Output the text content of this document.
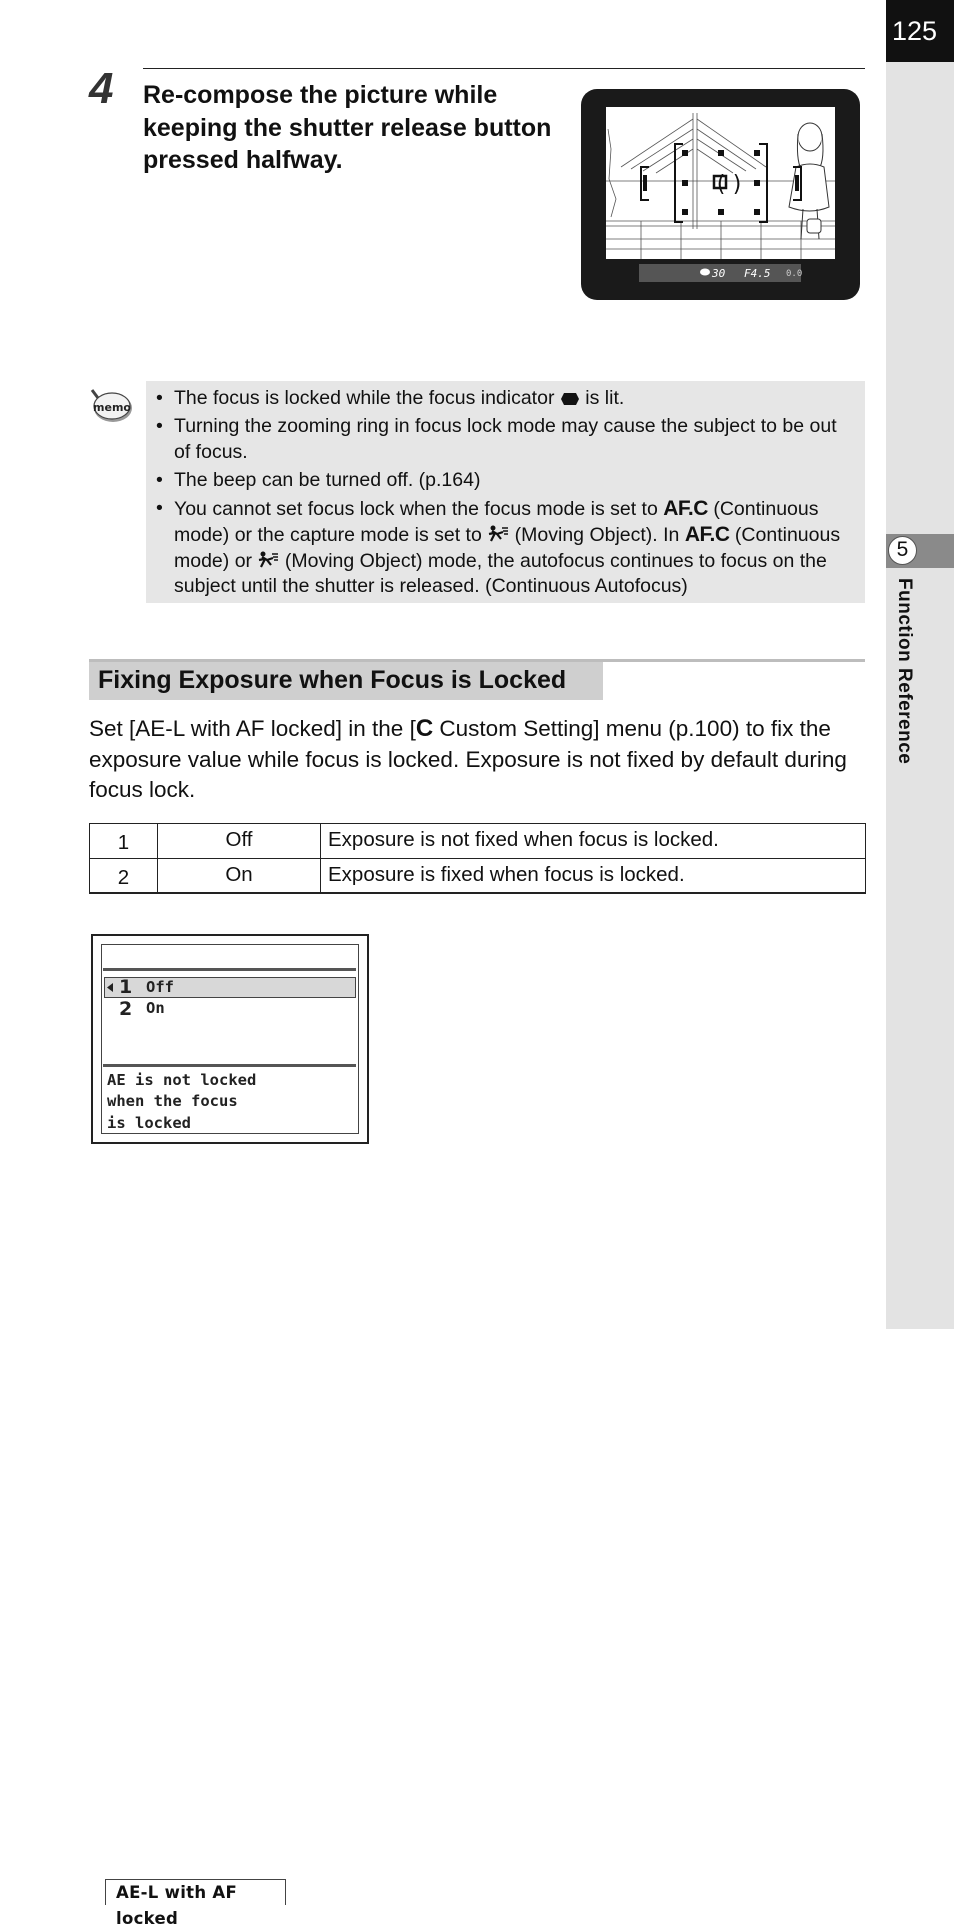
125
5
Function Reference
4 Re-compose the picture while keeping the shutter release button pressed halfway.
( )
30 F4.5 0.0
memo	• The focus is locked while the focus indicator is lit.
• Turning the zooming ring in focus lock mode may cause the subject to be out of focus.
• The beep can be turned off. (p.164)
• You cannot set focus lock when the focus mode is set to AF.C (Continuous mode) or the capture mode is set to (Moving Object). In AF.C (Continuous mode) or (Moving Object) mode, the autofocus continues to focus on the subject until the shutter is released. (Continuous Autofocus)
Fixing Exposure when Focus is Locked

Set [AE-L with AF locked] in the [C Custom Setting] menu (p.100) to fix the exposure value while focus is locked. Exposure is not fixed by default during focus lock.

1	Off	Exposure is not fixed when focus is locked.
2	On	Exposure is fixed when focus is locked.
AE-L with AF locked
1 Off
2 On
AE is not locked
when the focus
is locked
